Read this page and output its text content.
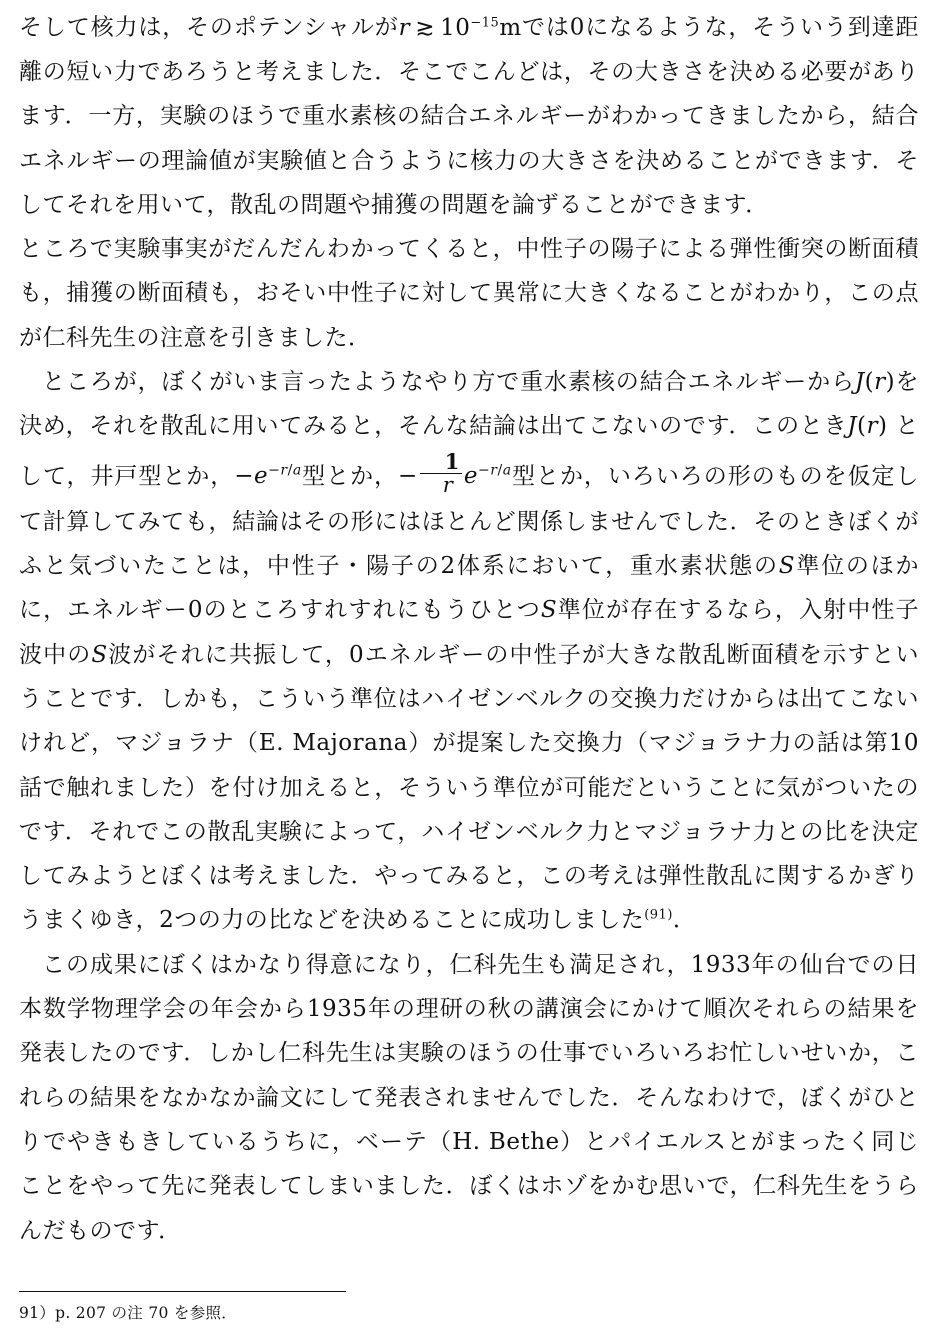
そして核力は，そのポテンシャルがr ≳ $10^{-15}m$では0になるような，そういう到達距離の短い力であろうと考えました．そこでこんどは，その大きさを決める必要があります．一方，実験のほうで重水素核の結合エネルギーがわかってきましたから，結合エネルギーの理論値が実験値と合うように核力の大きさを決めることができます．そしてそれを用いて，散乱の問題や捕獲の問題を論ずることができます．

ところで実験事実がだんだんわかってくると，中性子の陽子による弾性衝突の断面積も，捕獲の断面積も，おそい中性子に対して異常に大きくなることがわかり，この点が仁科先生の注意を引きました．

ところが，ぼくがいま言ったようなやり方で重水素核の結合エネルギーからJ(r)を決め，それを散乱に用いてみると，そんな結論は出てこないのです．このときJ(r) として，井戸型とか，$-e^{-r/a}$型とか，− $\frac{1}{r} e^{-r/a}$型とか，いろいろの形のものを仮定して計算してみても，結論はその形にはほとんど関係しませんでした．そのときぼくがふと気づいたことは，中性子・陽子の2体系において，重水素状態のS準位のほかに，エネルギー0のところすれすれにもうひとつS準位が存在するなら，入射中性子波中のS波がそれに共振して，0エネルギーの中性子が大きな散乱断面積を示すということです．しかも，こういう準位はハイゼンベルクの交換力だけからは出てこないけれど，マジョラナ（E. Majorana）が提案した交換力（マジョラナ力の話は第10話で触れました）を付け加えると，そういう準位が可能だということに気がついたのです．それでこの散乱実験によって，ハイゼンベルク力とマジョラナ力との比を決定してみようとぼくは考えました．やってみると，この考えは弾性散乱に関するかぎりうまくゆき，2つの力の比などを決めることに成功しました$^{(91)}$．

この成果にぼくはかなり得意になり，仁科先生も満足され，1933年の仙台での日本数学物理学会の年会から1935年の理研の秋の講演会にかけて順次それらの結果を発表したのです．しかし仁科先生は実験のほうの仕事でいろいろお忙しいせいか，これらの結果をなかなか論文にして発表されませんでした．そんなわけで，ぼくがひとりでやきもきしているうちに，ベーテ（H. Bethe）とパイエルスとがまったく同じことをやって先に発表してしまいました．ぼくはホゾをかむ思いで，仁科先生をうらんだものです．

91）p. 207 の注 70 を参照．
